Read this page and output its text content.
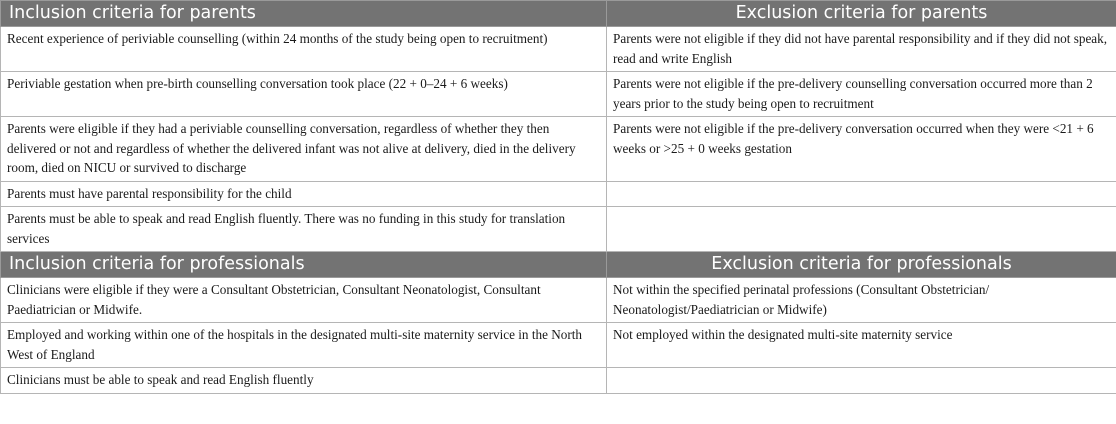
Inclusion criteria for parents	Exclusion criteria for parents
Recent experience of periviable counselling (within 24 months of the study being open to recruitment)	Parents were not eligible if they did not have parental responsibility and if they did not speak, read and write English
Periviable gestation when pre-birth counselling conversation took place (22 + 0–24 + 6 weeks)	Parents were not eligible if the pre-delivery counselling conversation occurred more than 2 years prior to the study being open to recruitment
Parents were eligible if they had a periviable counselling conversation, regardless of whether they then delivered or not and regardless of whether the delivered infant was not alive at delivery, died in the delivery room, died on NICU or survived to discharge	Parents were not eligible if the pre-delivery conversation occurred when they were <21 + 6 weeks or >25 + 0 weeks gestation
Parents must have parental responsibility for the child	
Parents must be able to speak and read English fluently. There was no funding in this study for translation services	
Inclusion criteria for professionals	Exclusion criteria for professionals
Clinicians were eligible if they were a Consultant Obstetrician, Consultant Neonatologist, Consultant Paediatrician or Midwife.	Not within the specified perinatal professions (Consultant Obstetrician/ Neonatologist/Paediatrician or Midwife)
Employed and working within one of the hospitals in the designated multi-site maternity service in the North West of England	Not employed within the designated multi-site maternity service
Clinicians must be able to speak and read English fluently	
